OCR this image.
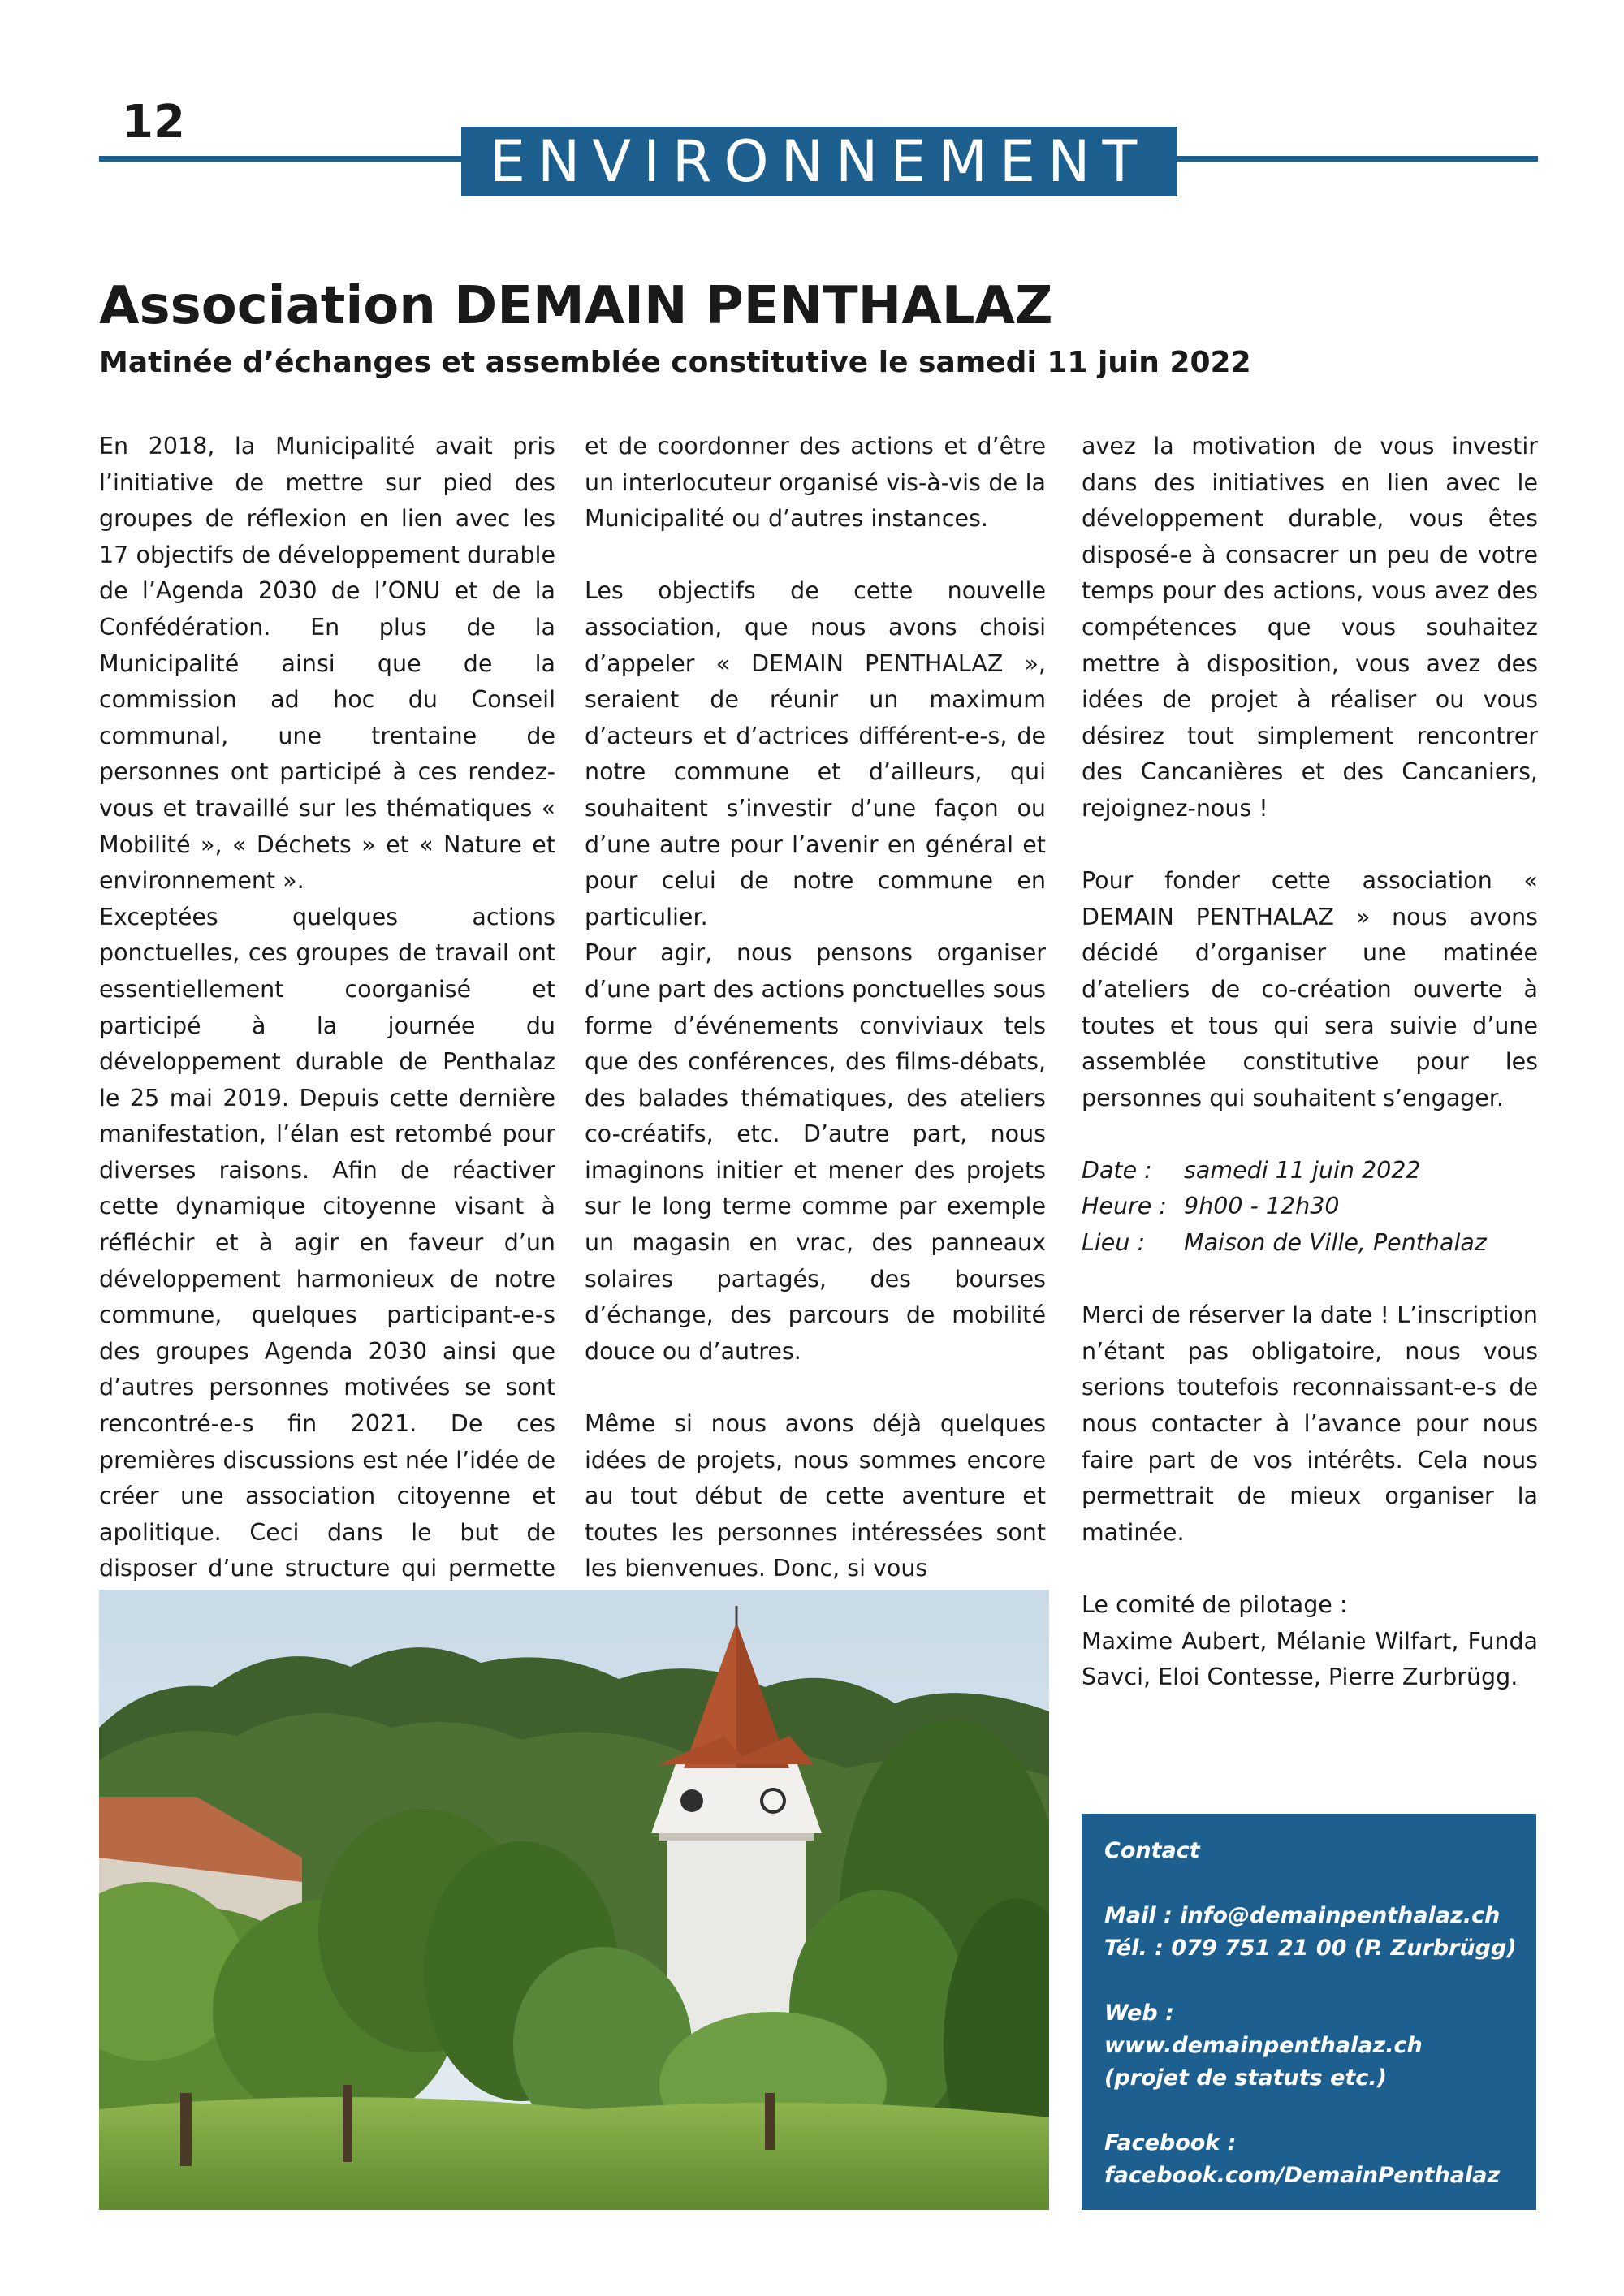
12
ENVIRONNEMENT
Association DEMAIN PENTHALAZ
Matinée d’échanges et assemblée constitutive le samedi 11 juin 2022

En 2018, la Municipalité avait pris l’initiative de mettre sur pied des groupes de réflexion en lien avec les 17 objectifs de développement durable de l’Agenda 2030 de l’ONU et de la Confédération. En plus de la Municipalité ainsi que de la commission ad hoc du Conseil communal, une trentaine de personnes ont participé à ces rendez-vous et travaillé sur les thématiques « Mobilité », « Déchets » et « Nature et environnement ».

Exceptées quelques actions ponctuelles, ces groupes de travail ont essentiellement coorganisé et participé à la journée du développement durable de Penthalaz le 25 mai 2019. Depuis cette dernière manifestation, l’élan est retombé pour diverses raisons. Afin de réactiver cette dynamique citoyenne visant à réfléchir et à agir en faveur d’un développement harmonieux de notre commune, quelques participant-e-s des groupes Agenda 2030 ainsi que d’autres personnes motivées se sont rencontré-e-s fin 2021. De ces premières discussions est née l’idée de créer une association citoyenne et apolitique. Ceci dans le but de disposer d’une structure qui permette

et de coordonner des actions et d’être un interlocuteur organisé vis-à-vis de la Municipalité ou d’autres instances.

Les objectifs de cette nouvelle association, que nous avons choisi d’appeler « DEMAIN PENTHALAZ », seraient de réunir un maximum d’acteurs et d’actrices différent-e-s, de notre commune et d’ailleurs, qui souhaitent s’investir d’une façon ou d’une autre pour l’avenir en général et pour celui de notre commune en particulier.

Pour agir, nous pensons organiser d’une part des actions ponctuelles sous forme d’événements conviviaux tels que des conférences, des films-débats, des balades thématiques, des ateliers co-créatifs, etc. D’autre part, nous imaginons initier et mener des projets sur le long terme comme par exemple un magasin en vrac, des panneaux solaires partagés, des bourses d’échange, des parcours de mobilité douce ou d’autres.

Même si nous avons déjà quelques idées de projets, nous sommes encore au tout début de cette aventure et toutes les personnes intéressées sont les bienvenues. Donc, si vous

avez la motivation de vous investir dans des initiatives en lien avec le développement durable, vous êtes disposé-e à consacrer un peu de votre temps pour des actions, vous avez des compétences que vous souhaitez mettre à disposition, vous avez des idées de projet à réaliser ou vous désirez tout simplement rencontrer des Cancanières et des Cancaniers, rejoignez-nous !

Pour fonder cette association « DEMAIN PENTHALAZ » nous avons décidé d’organiser une matinée d’ateliers de co-création ouverte à toutes et tous qui sera suivie d’une assemblée constitutive pour les personnes qui souhaitent s’engager.

Date :	samedi 11 juin 2022
Heure : 9h00 - 12h30
Lieu :	Maison de Ville, Penthalaz

Merci de réserver la date ! L’inscription n’étant pas obligatoire, nous vous serions toutefois reconnaissant-e-s de nous contacter à l’avance pour nous faire part de vos intérêts. Cela nous permettrait de mieux organiser la matinée.

Le comité de pilotage :

Maxime Aubert, Mélanie Wilfart, Funda Savci, Eloi Contesse, Pierre Zurbrügg.

Contact
Mail : info@demainpenthalaz.ch
Tél. : 079 751 21 00 (P. Zurbrügg)
Web :
www.demainpenthalaz.ch
(projet de statuts etc.)
Facebook :
facebook.com/DemainPenthalaz
